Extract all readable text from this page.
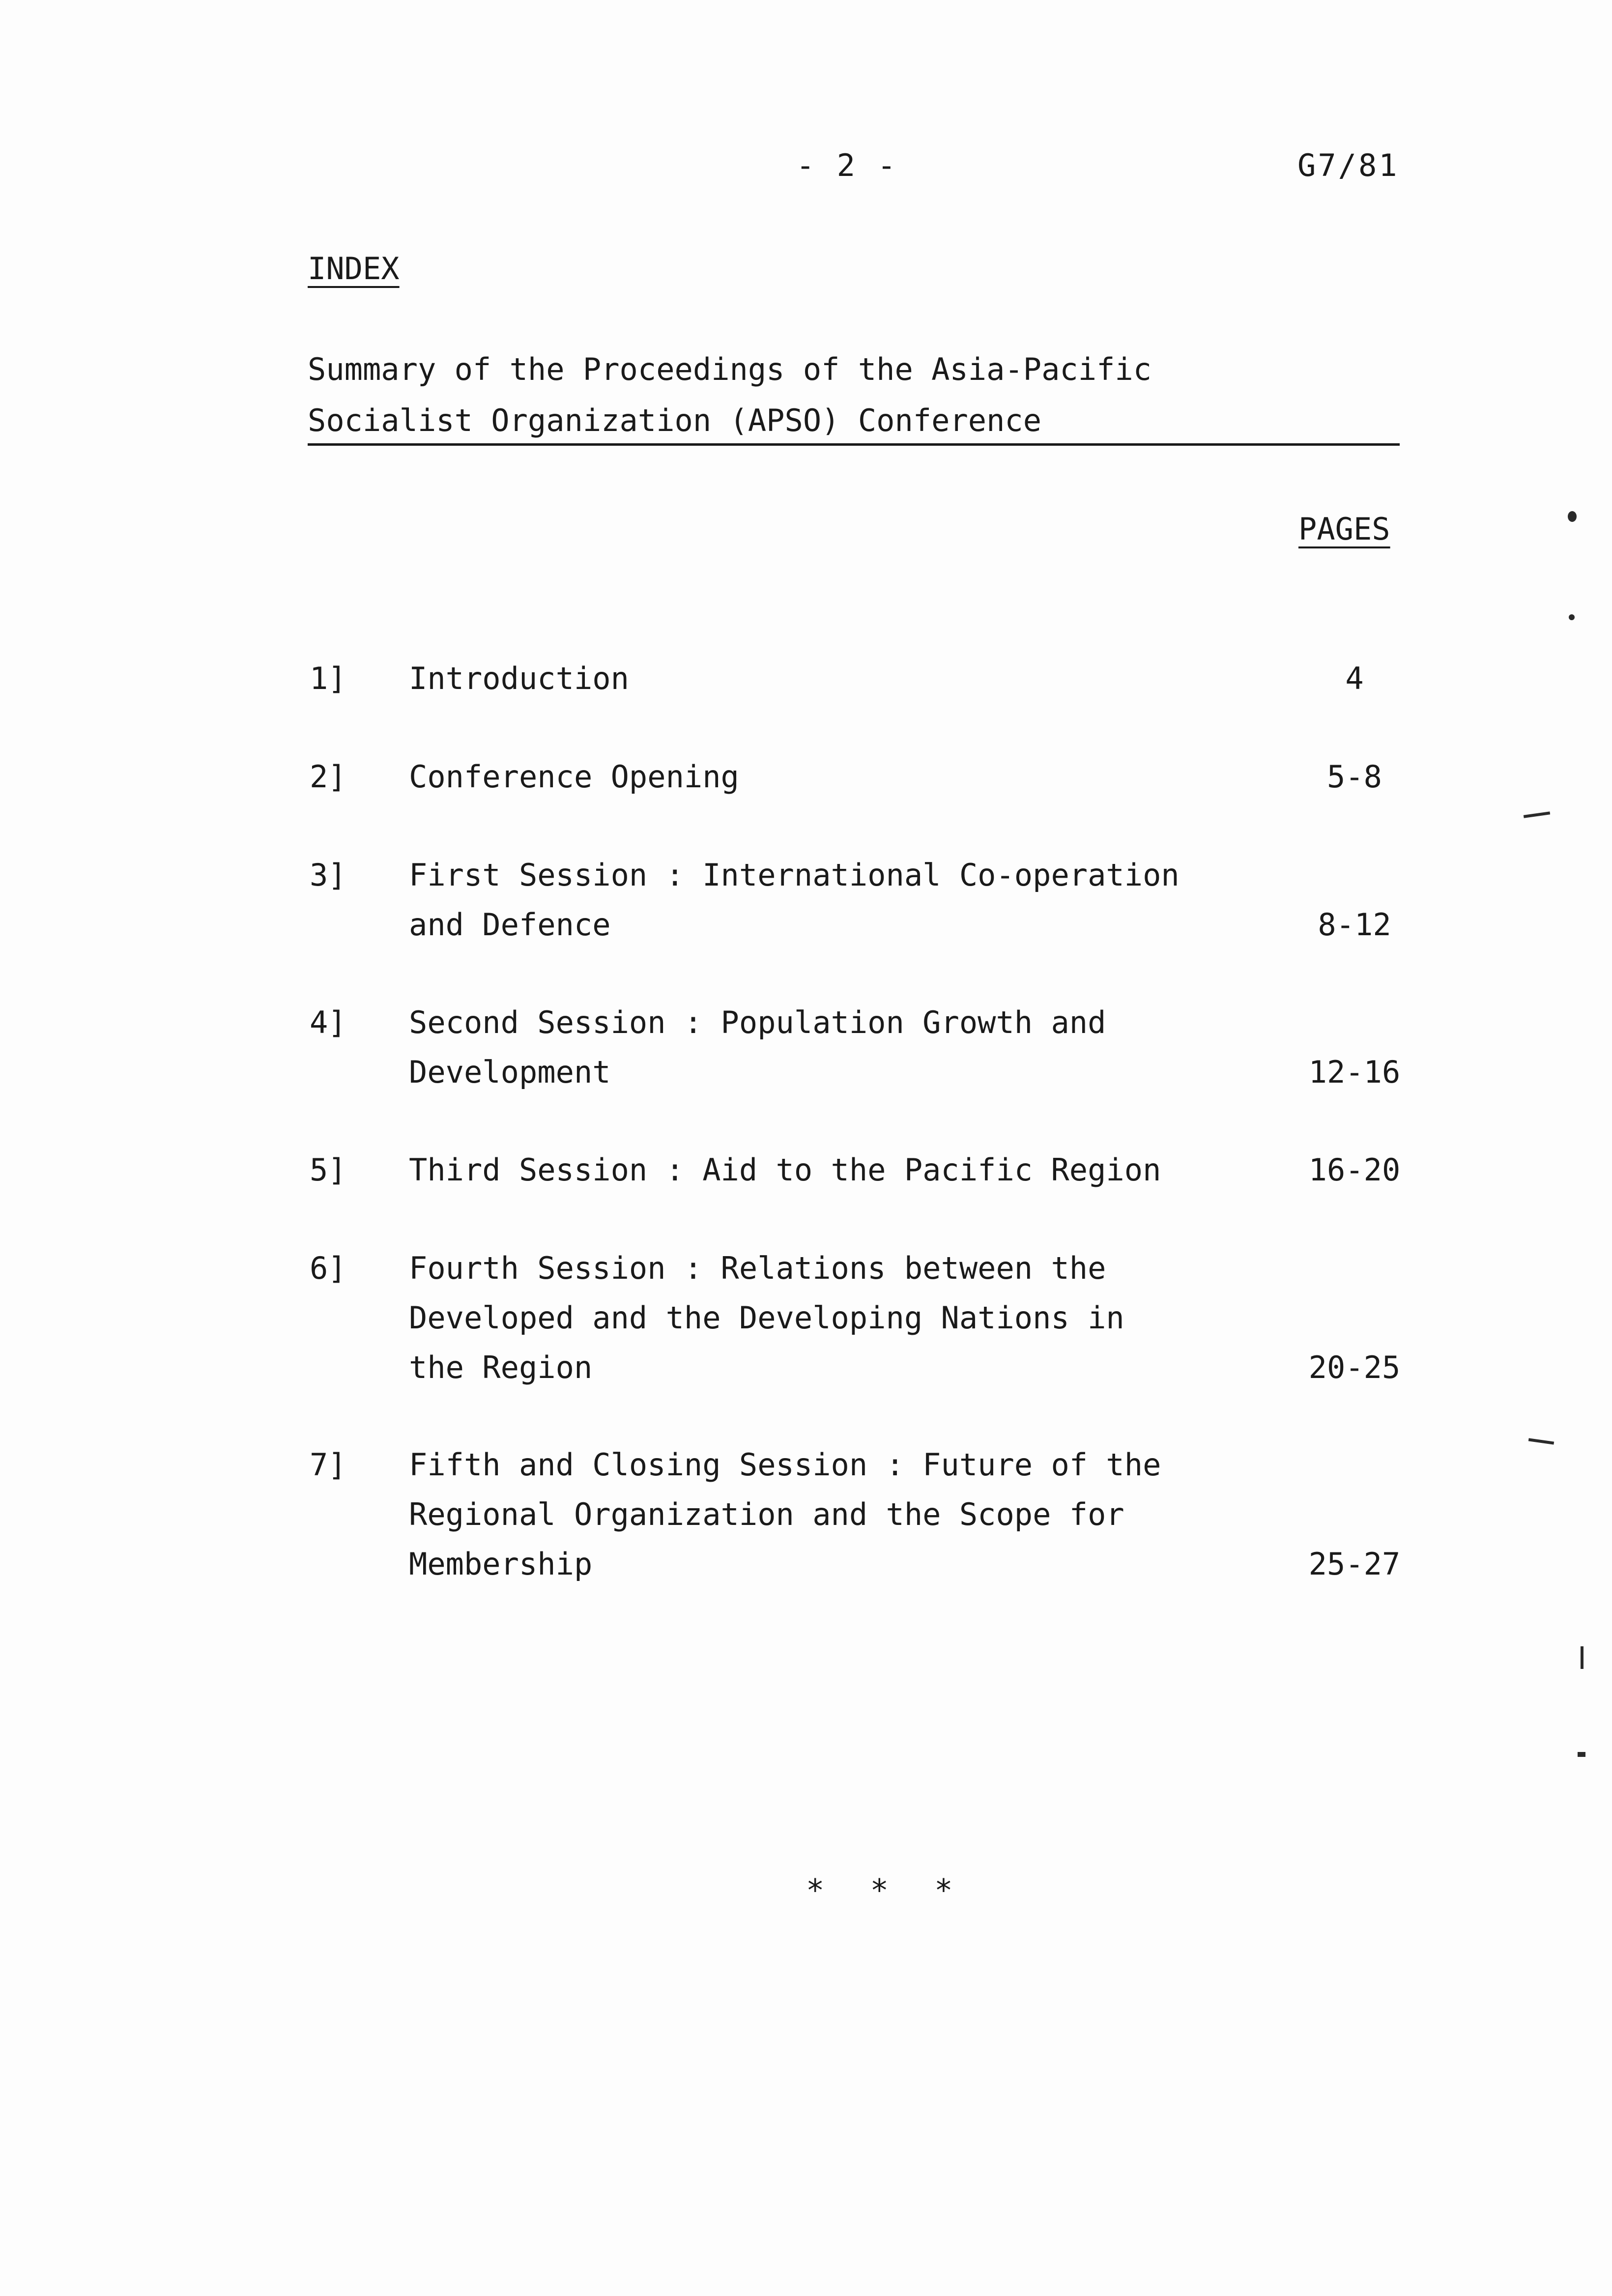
- 2 -	G7/81
INDEX
Summary of the Proceedings of the Asia-Pacific
Socialist Organization (APSO) Conference
PAGES
1] Introduction	4
2] Conference Opening	5-8
3] First Session : International Co-operation
and Defence	8-12
4] Second Session : Population Growth and
Development	12-16
5] Third Session : Aid to the Pacific Region	16-20
6] Fourth Session : Relations between the
Developed and the Developing Nations in
the Region	20-25
7] Fifth and Closing Session : Future of the
Regional Organization and the Scope for
Membership	25-27
* * *
